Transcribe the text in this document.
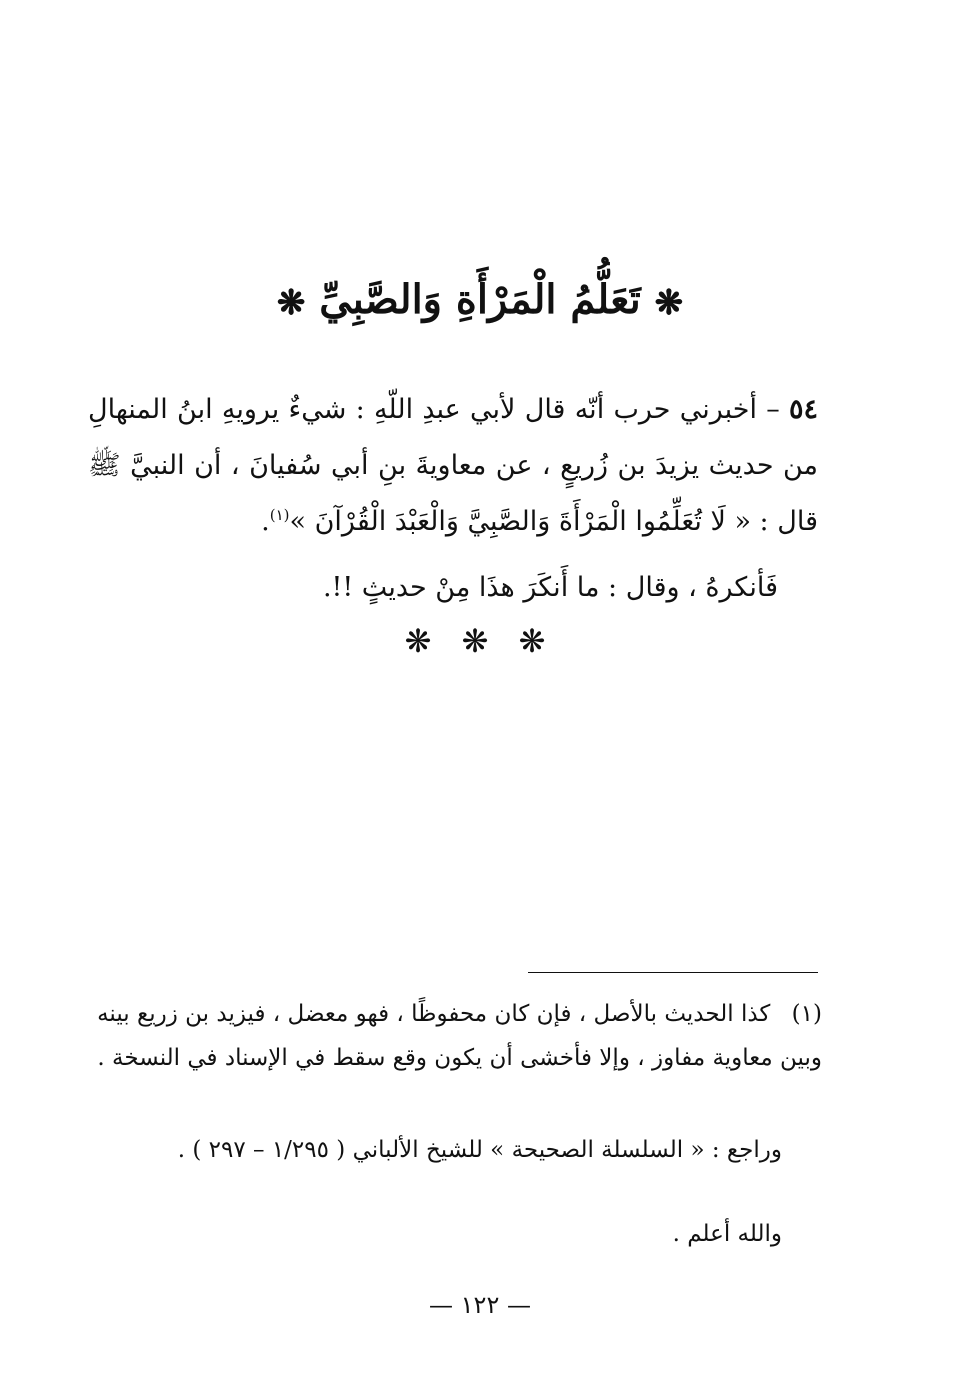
❋ تَعَلُّمُ الْمَرْأَةِ وَالصَّبِيِّ ❋
٥٤ – أخبرني حرب أنّه قال لأبي عبدِ اللّهِ : شيءٌ يرويهِ ابنُ المنهالِ من حديث يزيدَ بن زُريعٍ ، عن معاويةَ بنِ أبي سُفيانَ ، أن النبيَّ ﷺ قال : « لَا تُعَلِّمُوا الْمَرْأَةَ وَالصَّبِيَّ وَالْعَبْدَ الْقُرْآنَ »$^{(١)}$.
فَأنكرهُ ، وقال : ما أَنكَرَ هذَا مِنْ حديثٍ !!.
❋ ❋ ❋
(١) كذا الحديث بالأصل ، فإن كان محفوظًا ، فهو معضل ، فيزيد بن زريع بينه وبين معاوية مفاوز ، وإلا فأخشى أن يكون وقع سقط في الإسناد في النسخة .
وراجع : « السلسلة الصحيحة » للشيخ الألباني ( ١/٢٩٥ – ٢٩٧ ) .
والله أعلم .
— ١٢٢ —
